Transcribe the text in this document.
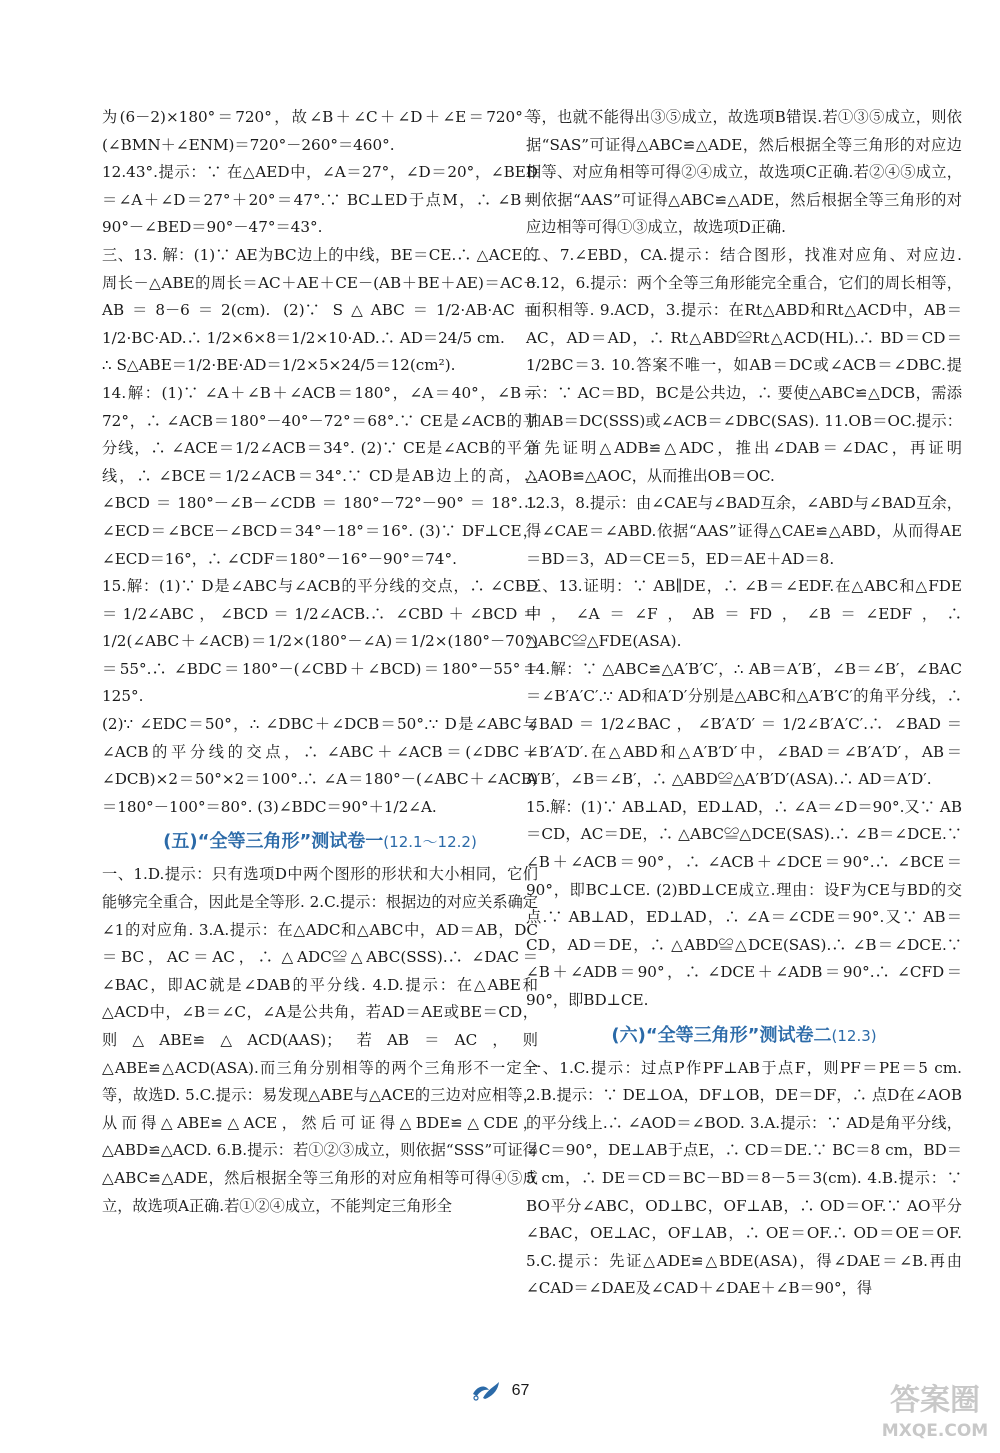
为(6－2)×180°＝720°，故∠B＋∠C＋∠D＋∠E＝720°－(∠BMN＋∠ENM)＝720°－260°＝460°.

12.43°.提示：∵ 在△AED中，∠A＝27°，∠D＝20°，∠BED＝∠A＋∠D＝27°＋20°＝47°.∵ BC⊥ED于点M，∴ ∠B＝90°－∠BED＝90°－47°＝43°.

三、13. 解：(1)∵ AE为BC边上的中线，BE＝CE.∴ △ACE的周长－△ABE的周长＝AC＋AE＋CE－(AB＋BE＋AE)＝AC－AB＝8－6＝2(cm). (2)∵ S△ABC＝1/2·AB·AC＝1/2·BC·AD.∴ 1/2×6×8＝1/2×10·AD.∴ AD＝24/5 cm.

∴ S△ABE＝1/2·BE·AD＝1/2×5×24/5＝12(cm²).

14.解：(1)∵ ∠A＋∠B＋∠ACB＝180°，∠A＝40°，∠B＝72°，∴ ∠ACB＝180°－40°－72°＝68°.∵ CE是∠ACB的平分线，∴ ∠ACE＝1/2∠ACB＝34°. (2)∵ CE是∠ACB的平分线，∴ ∠BCE＝1/2∠ACB＝34°.∵ CD是AB边上的高，∴ ∠BCD＝180°－∠B－∠CDB＝180°－72°－90°＝18°.∴ ∠ECD＝∠BCE－∠BCD＝34°－18°＝16°. (3)∵ DF⊥CE，∠ECD＝16°，∴ ∠CDF＝180°－16°－90°＝74°.

15.解：(1)∵ D是∠ABC与∠ACB的平分线的交点，∴ ∠CBD＝1/2∠ABC，∠BCD＝1/2∠ACB.∴ ∠CBD＋∠BCD＝1/2(∠ABC＋∠ACB)＝1/2×(180°－∠A)＝1/2×(180°－70°)＝55°.∴ ∠BDC＝180°－(∠CBD＋∠BCD)＝180°－55°＝125°.

(2)∵ ∠EDC＝50°，∴ ∠DBC＋∠DCB＝50°.∵ D是∠ABC与∠ACB的平分线的交点，∴ ∠ABC＋∠ACB＝(∠DBC＋∠DCB)×2＝50°×2＝100°.∴ ∠A＝180°－(∠ABC＋∠ACB)＝180°－100°＝80°. (3)∠BDC＝90°＋1/2∠A.

(五)“全等三角形”测试卷一(12.1～12.2)

一、1.D.提示：只有选项D中两个图形的形状和大小相同，它们能够完全重合，因此是全等形. 2.C.提示：根据边的对应关系确定∠1的对应角. 3.A.提示：在△ADC和△ABC中，AD＝AB，DC＝BC，AC＝AC，∴ △ADC≌△ABC(SSS).∴ ∠DAC＝∠BAC，即AC就是∠DAB的平分线. 4.D.提示：在△ABE和△ACD中，∠B＝∠C，∠A是公共角，若AD＝AE或BE＝CD，则△ABE≌△ACD(AAS)；若AB＝AC，则△ABE≌△ACD(ASA).而三角分别相等的两个三角形不一定全等，故选D. 5.C.提示：易发现△ABE与△ACE的三边对应相等，从而得△ABE≌△ACE，然后可证得△BDE≌△CDE，△ABD≌△ACD. 6.B.提示：若①②③成立，则依据“SSS”可证得△ABC≌△ADE，然后根据全等三角形的对应角相等可得④⑤成立，故选项A正确.若①②④成立，不能判定三角形全

等，也就不能得出③⑤成立，故选项B错误.若①③⑤成立，则依据“SAS”可证得△ABC≌△ADE，然后根据全等三角形的对应边相等、对应角相等可得②④成立，故选项C正确.若②④⑤成立，则依据“AAS”可证得△ABC≌△ADE，然后根据全等三角形的对应边相等可得①③成立，故选项D正确.

二、7.∠EBD，CA.提示：结合图形，找准对应角、对应边. 8.12，6.提示：两个全等三角形能完全重合，它们的周长相等，面积相等. 9.ACD，3.提示：在Rt△ABD和Rt△ACD中，AB＝AC，AD＝AD，∴ Rt△ABD≌Rt△ACD(HL).∴ BD＝CD＝1/2BC＝3. 10.答案不唯一，如AB＝DC或∠ACB＝∠DBC.提示：∵ AC＝BD，BC是公共边，∴ 要使△ABC≌△DCB，需添加AB＝DC(SSS)或∠ACB＝∠DBC(SAS). 11.OB＝OC.提示：首先证明△ADB≌△ADC，推出∠DAB＝∠DAC，再证明△AOB≌△AOC，从而推出OB＝OC.

12.3，8.提示：由∠CAE与∠BAD互余，∠ABD与∠BAD互余，得∠CAE＝∠ABD.依据“AAS”证得△CAE≌△ABD，从而得AE＝BD＝3，AD＝CE＝5，ED＝AE＋AD＝8.

三、13.证明：∵ AB∥DE，∴ ∠B＝∠EDF.在△ABC和△FDE中，∠A＝∠F，AB＝FD，∠B＝∠EDF，∴ △ABC≌△FDE(ASA).

14.解：∵ △ABC≌△A′B′C′，∴ AB＝A′B′，∠B＝∠B′，∠BAC＝∠B′A′C′.∵ AD和A′D′分别是△ABC和△A′B′C′的角平分线，∴ ∠BAD＝1/2∠BAC，∠B′A′D′＝1/2∠B′A′C′.∴ ∠BAD＝∠B′A′D′.在△ABD和△A′B′D′中，∠BAD＝∠B′A′D′，AB＝A′B′，∠B＝∠B′，∴ △ABD≌△A′B′D′(ASA).∴ AD＝A′D′.

15.解：(1)∵ AB⊥AD，ED⊥AD，∴ ∠A＝∠D＝90°.又∵ AB＝CD，AC＝DE，∴ △ABC≌△DCE(SAS).∴ ∠B＝∠DCE.∵ ∠B＋∠ACB＝90°，∴ ∠ACB＋∠DCE＝90°.∴ ∠BCE＝90°，即BC⊥CE. (2)BD⊥CE成立.理由：设F为CE与BD的交点.∵ AB⊥AD，ED⊥AD，∴ ∠A＝∠CDE＝90°.又∵ AB＝CD，AD＝DE，∴ △ABD≌△DCE(SAS).∴ ∠B＝∠DCE.∵ ∠B＋∠ADB＝90°，∴ ∠DCE＋∠ADB＝90°.∴ ∠CFD＝90°，即BD⊥CE.

(六)“全等三角形”测试卷二(12.3)

一、1.C.提示：过点P作PF⊥AB于点F，则PF＝PE＝5 cm. 2.B.提示：∵ DE⊥OA，DF⊥OB，DE＝DF，∴ 点D在∠AOB的平分线上.∴ ∠AOD＝∠BOD. 3.A.提示：∵ AD是角平分线，∠C＝90°，DE⊥AB于点E，∴ CD＝DE.∵ BC＝8 cm，BD＝5 cm，∴ DE＝CD＝BC－BD＝8－5＝3(cm). 4.B.提示：∵ BO平分∠ABC，OD⊥BC，OF⊥AB，∴ OD＝OF.∵ AO平分∠BAC，OE⊥AC，OF⊥AB，∴ OE＝OF.∴ OD＝OE＝OF. 5.C.提示：先证△ADE≌△BDE(ASA)，得∠DAE＝∠B.再由∠CAD＝∠DAE及∠CAD＋∠DAE＋∠B＝90°，得

67	答案圈
MXQE.COM
